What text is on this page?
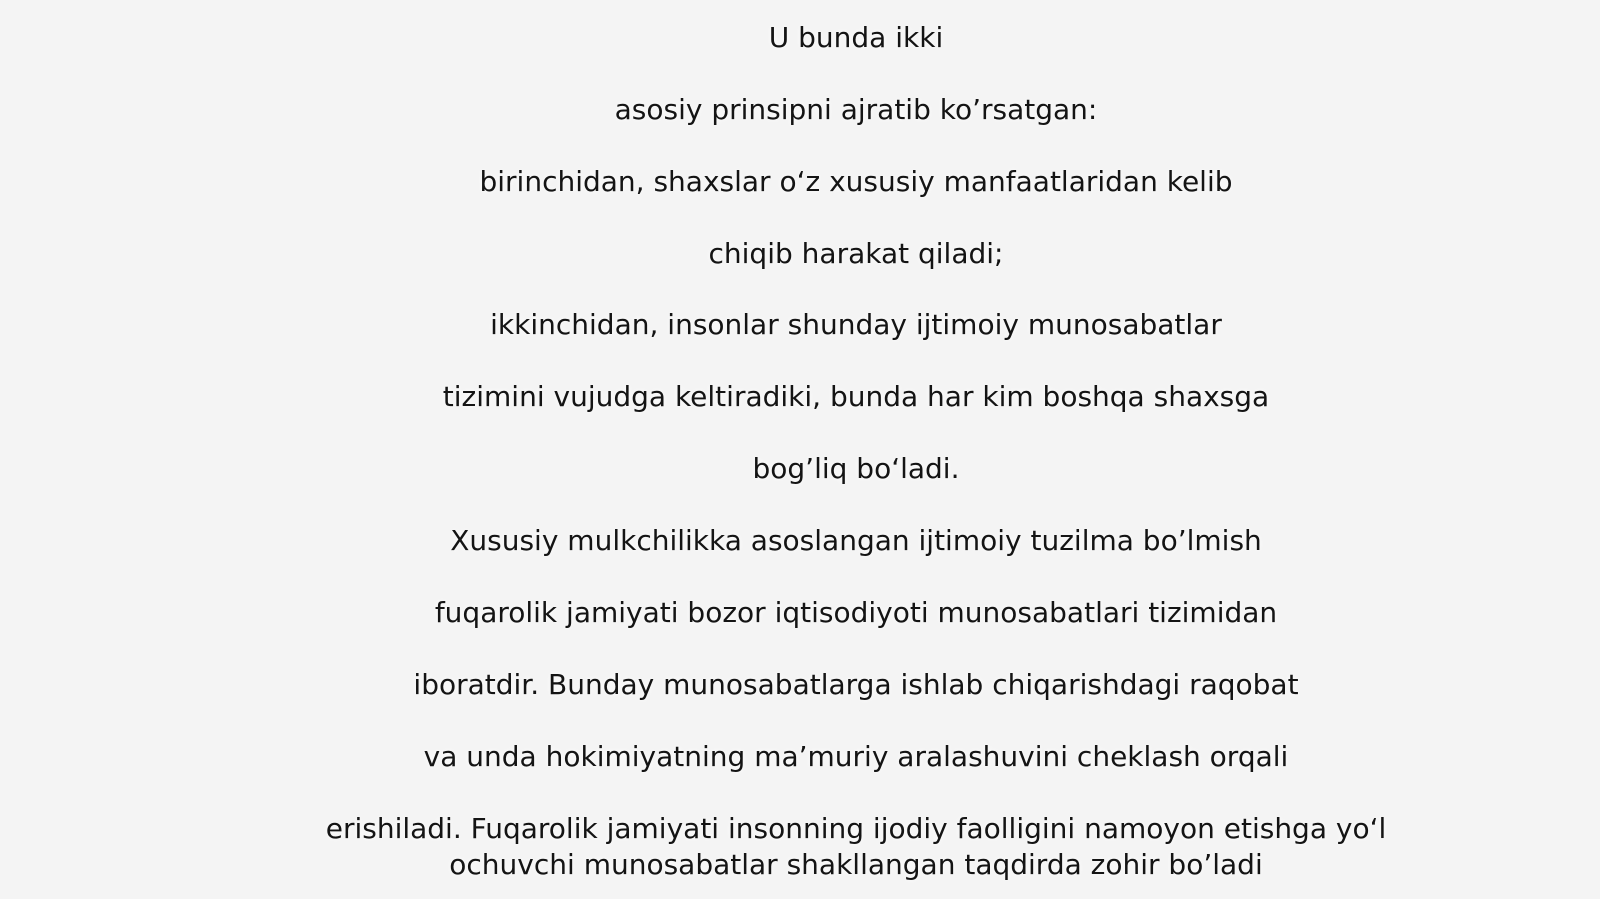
U bunda ikki
asosiy prinsipni ajratib ko’rsatgan:
birinchidan, shaxslar o‘z xususiy manfaatlaridan kelib
chiqib harakat qiladi;
ikkinchidan, insonlar shunday ijtimoiy munosabatlar
tizimini vujudga keltiradiki, bunda har kim boshqa shaxsga
bog’liq bo‘ladi.
Xususiy mulkchilikka asoslangan ijtimoiy tuzilma bo’lmish
fuqarolik jamiyati bozor iqtisodiyoti munosabatlari tizimidan
iboratdir. Bunday munosabatlarga ishlab chiqarishdagi raqobat
va unda hokimiyatning ma’muriy aralashuvini cheklash orqali
erishiladi. Fuqarolik jamiyati insonning ijodiy faolligini namoyon etishga yo‘l
ochuvchi munosabatlar shakllangan taqdirda zohir bo’ladi
